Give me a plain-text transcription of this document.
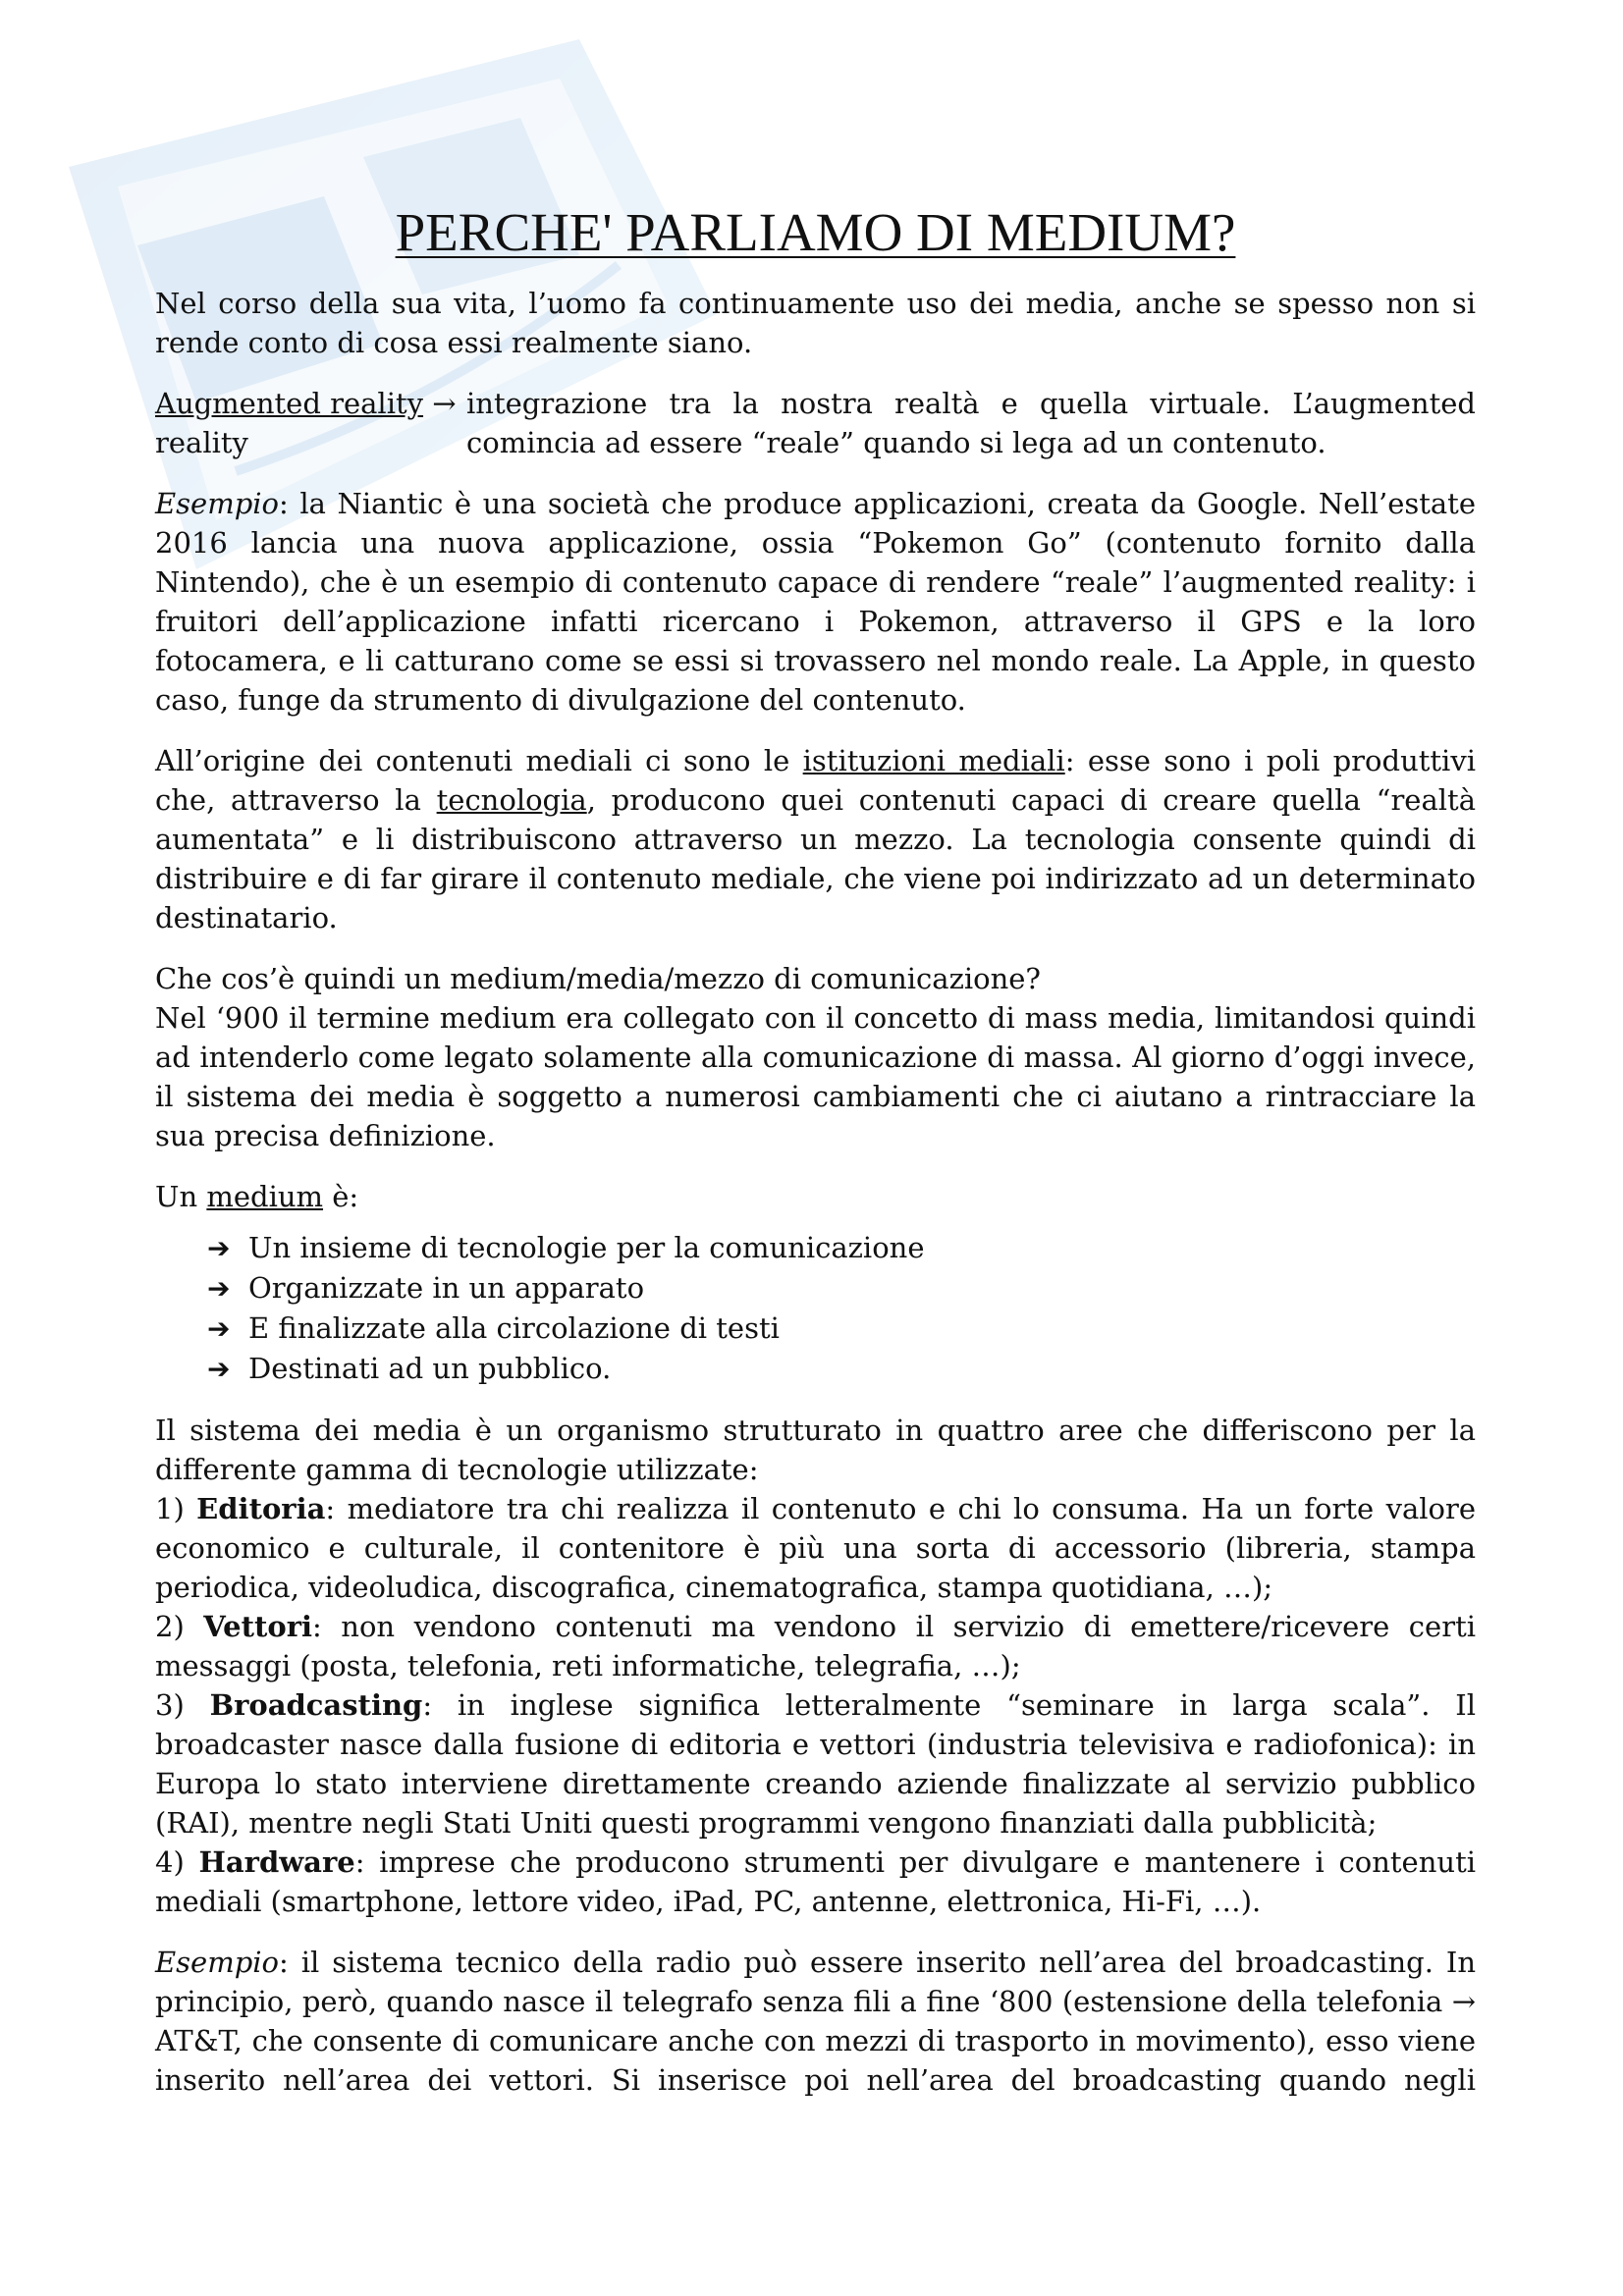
PERCHE' PARLIAMO DI MEDIUM?

Nel corso della sua vita, l’uomo fa continuamente uso dei media, anche se spesso non si rende conto di cosa essi realmente siano.

Augmented reality → integrazione tra la nostra realtà e quella virtuale. L’augmented
reality	comincia ad essere “reale” quando si lega ad un contenuto.

Esempio: la Niantic è una società che produce applicazioni, creata da Google. Nell’estate 2016 lancia una nuova applicazione, ossia “Pokemon Go” (contenuto fornito dalla Nintendo), che è un esempio di contenuto capace di rendere “reale” l’augmented reality: i fruitori dell’applicazione infatti ricercano i Pokemon, attraverso il GPS e la loro fotocamera, e li catturano come se essi si trovassero nel mondo reale. La Apple, in questo caso, funge da strumento di divulgazione del contenuto.

All’origine dei contenuti mediali ci sono le istituzioni mediali: esse sono i poli produttivi che, attraverso la tecnologia, producono quei contenuti capaci di creare quella “realtà aumentata” e li distribuiscono attraverso un mezzo. La tecnologia consente quindi di distribuire e di far girare il contenuto mediale, che viene poi indirizzato ad un determinato destinatario.

Che cos’è quindi un medium/media/mezzo di comunicazione?

Nel ‘900 il termine medium era collegato con il concetto di mass media, limitandosi quindi ad intenderlo come legato solamente alla comunicazione di massa. Al giorno d’oggi invece, il sistema dei media è soggetto a numerosi cambiamenti che ci aiutano a rintracciare la sua precisa definizione.

Un medium è:

➔ Un insieme di tecnologie per la comunicazione
➔ Organizzate in un apparato
➔ E finalizzate alla circolazione di testi
➔ Destinati ad un pubblico.
Il sistema dei media è un organismo strutturato in quattro aree che differiscono per la differente gamma di tecnologie utilizzate:
1) Editoria: mediatore tra chi realizza il contenuto e chi lo consuma. Ha un forte valore economico e culturale, il contenitore è più una sorta di accessorio (libreria, stampa periodica, videoludica, discografica, cinematografica, stampa quotidiana, …);
2) Vettori: non vendono contenuti ma vendono il servizio di emettere/ricevere certi messaggi (posta, telefonia, reti informatiche, telegrafia, …);
3) Broadcasting: in inglese significa letteralmente “seminare in larga scala”. Il broadcaster nasce dalla fusione di editoria e vettori (industria televisiva e radiofonica): in Europa lo stato interviene direttamente creando aziende finalizzate al servizio pubblico (RAI), mentre negli Stati Uniti questi programmi vengono finanziati dalla pubblicità;
4) Hardware: imprese che producono strumenti per divulgare e mantenere i contenuti mediali (smartphone, lettore video, iPad, PC, antenne, elettronica, Hi-Fi, …).

Esempio: il sistema tecnico della radio può essere inserito nell’area del broadcasting. In principio, però, quando nasce il telegrafo senza fili a fine ‘800 (estensione della telefonia → AT&T, che consente di comunicare anche con mezzi di trasporto in movimento), esso viene inserito nell’area dei vettori. Si inserisce poi nell’area del broadcasting quando negli
